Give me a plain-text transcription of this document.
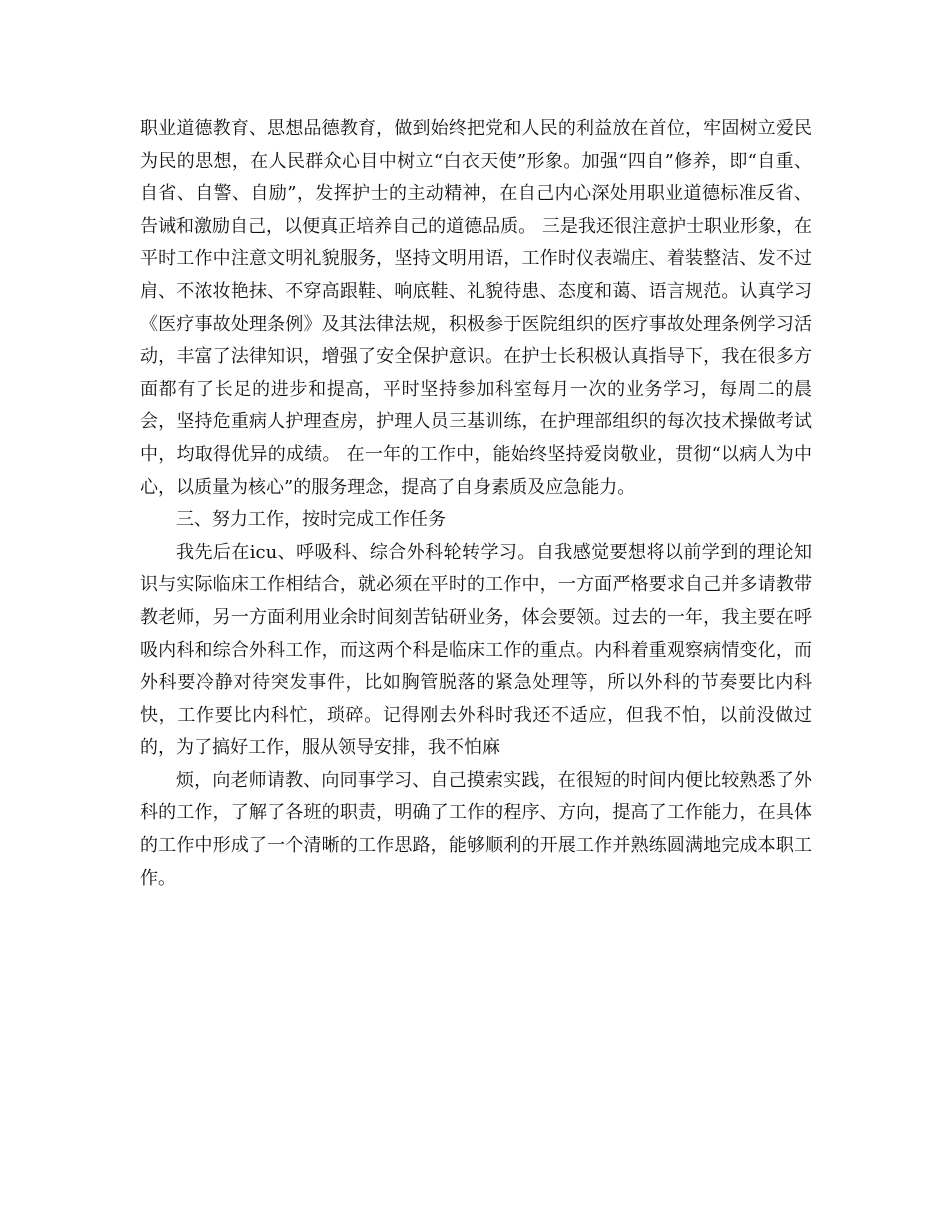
职业道德教育、思想品德教育，做到始终把党和人民的利益放在首位，牢固树立爱民为民的思想，在人民群众心目中树立“白衣天使”形象。加强“四自”修养，即“自重、自省、自警、自励”，发挥护士的主动精神，在自己内心深处用职业道德标准反省、告诫和激励自己，以便真正培养自己的道德品质。 三是我还很注意护士职业形象，在平时工作中注意文明礼貌服务，坚持文明用语，工作时仪表端庄、着装整洁、发不过肩、不浓妆艳抹、不穿高跟鞋、响底鞋、礼貌待患、态度和蔼、语言规范。认真学习《医疗事故处理条例》及其法律法规，积极参于医院组织的医疗事故处理条例学习活动，丰富了法律知识，增强了安全保护意识。在护士长积极认真指导下，我在很多方面都有了长足的进步和提高，平时坚持参加科室每月一次的业务学习，每周二的晨会，坚持危重病人护理查房，护理人员三基训练，在护理部组织的每次技术操做考试中，均取得优异的成绩。 在一年的工作中，能始终坚持爱岗敬业，贯彻“以病人为中心，以质量为核心”的服务理念，提高了自身素质及应急能力。

三、努力工作，按时完成工作任务

我先后在icu、呼吸科、综合外科轮转学习。自我感觉要想将以前学到的理论知识与实际临床工作相结合，就必须在平时的工作中，一方面严格要求自己并多请教带教老师，另一方面利用业余时间刻苦钻研业务，体会要领。过去的一年，我主要在呼吸内科和综合外科工作，而这两个科是临床工作的重点。内科着重观察病情变化，而外科要冷静对待突发事件，比如胸管脱落的紧急处理等，所以外科的节奏要比内科快，工作要比内科忙，琐碎。记得刚去外科时我还不适应，但我不怕，以前没做过的，为了搞好工作，服从领导安排，我不怕麻

烦，向老师请教、向同事学习、自己摸索实践，在很短的时间内便比较熟悉了外科的工作，了解了各班的职责，明确了工作的程序、方向，提高了工作能力，在具体的工作中形成了一个清晰的工作思路，能够顺利的开展工作并熟练圆满地完成本职工作。
